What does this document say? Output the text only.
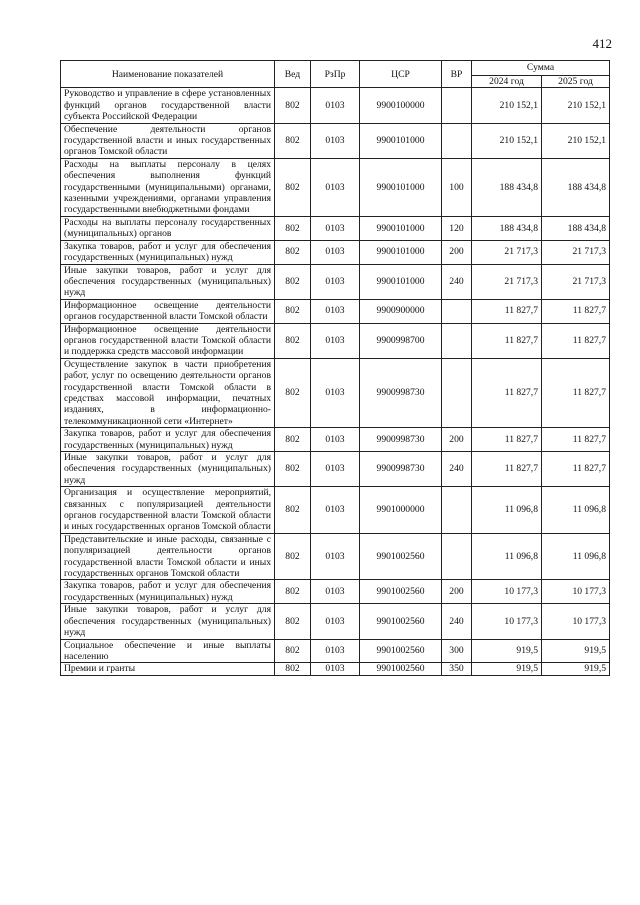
412
Наименование показателей	Вед	РзПр	ЦСР	ВР	Сумма	
					2024 год	2025 год
Руководство и управление в сфере установленных функций органов государственной власти субъекта Российской Федерации	802	0103	9900100000		210 152,1	210 152,1
Обеспечение деятельности органов государственной власти и иных государственных органов Томской области	802	0103	9900101000		210 152,1	210 152,1
Расходы на выплаты персоналу в целях обеспечения выполнения функций государственными (муниципальными) органами, казенными учреждениями, органами управления государственными внебюджетными фондами	802	0103	9900101000	100	188 434,8	188 434,8
Расходы на выплаты персоналу государственных (муниципальных) органов	802	0103	9900101000	120	188 434,8	188 434,8
Закупка товаров, работ и услуг для обеспечения государственных (муниципальных) нужд	802	0103	9900101000	200	21 717,3	21 717,3
Иные закупки товаров, работ и услуг для обеспечения государственных (муниципальных) нужд	802	0103	9900101000	240	21 717,3	21 717,3
Информационное освещение деятельности органов государственной власти Томской области	802	0103	9900900000		11 827,7	11 827,7
Информационное освещение деятельности органов государственной власти Томской области и поддержка средств массовой информации	802	0103	9900998700		11 827,7	11 827,7
Осуществление закупок в части приобретения работ, услуг по освещению деятельности органов государственной власти Томской области в средствах массовой информации, печатных изданиях, в информационно-телекоммуникационной сети «Интернет»	802	0103	9900998730		11 827,7	11 827,7
Закупка товаров, работ и услуг для обеспечения государственных (муниципальных) нужд	802	0103	9900998730	200	11 827,7	11 827,7
Иные закупки товаров, работ и услуг для обеспечения государственных (муниципальных) нужд	802	0103	9900998730	240	11 827,7	11 827,7
Организация и осуществление мероприятий, связанных с популяризацией деятельности органов государственной власти Томской области и иных государственных органов Томской области	802	0103	9901000000		11 096,8	11 096,8
Представительские и иные расходы, связанные с популяризацией деятельности органов государственной власти Томской области и иных государственных органов Томской области	802	0103	9901002560		11 096,8	11 096,8
Закупка товаров, работ и услуг для обеспечения государственных (муниципальных) нужд	802	0103	9901002560	200	10 177,3	10 177,3
Иные закупки товаров, работ и услуг для обеспечения государственных (муниципальных) нужд	802	0103	9901002560	240	10 177,3	10 177,3
Социальное обеспечение и иные выплаты населению	802	0103	9901002560	300	919,5	919,5
Премии и гранты	802	0103	9901002560	350	919,5	919,5
